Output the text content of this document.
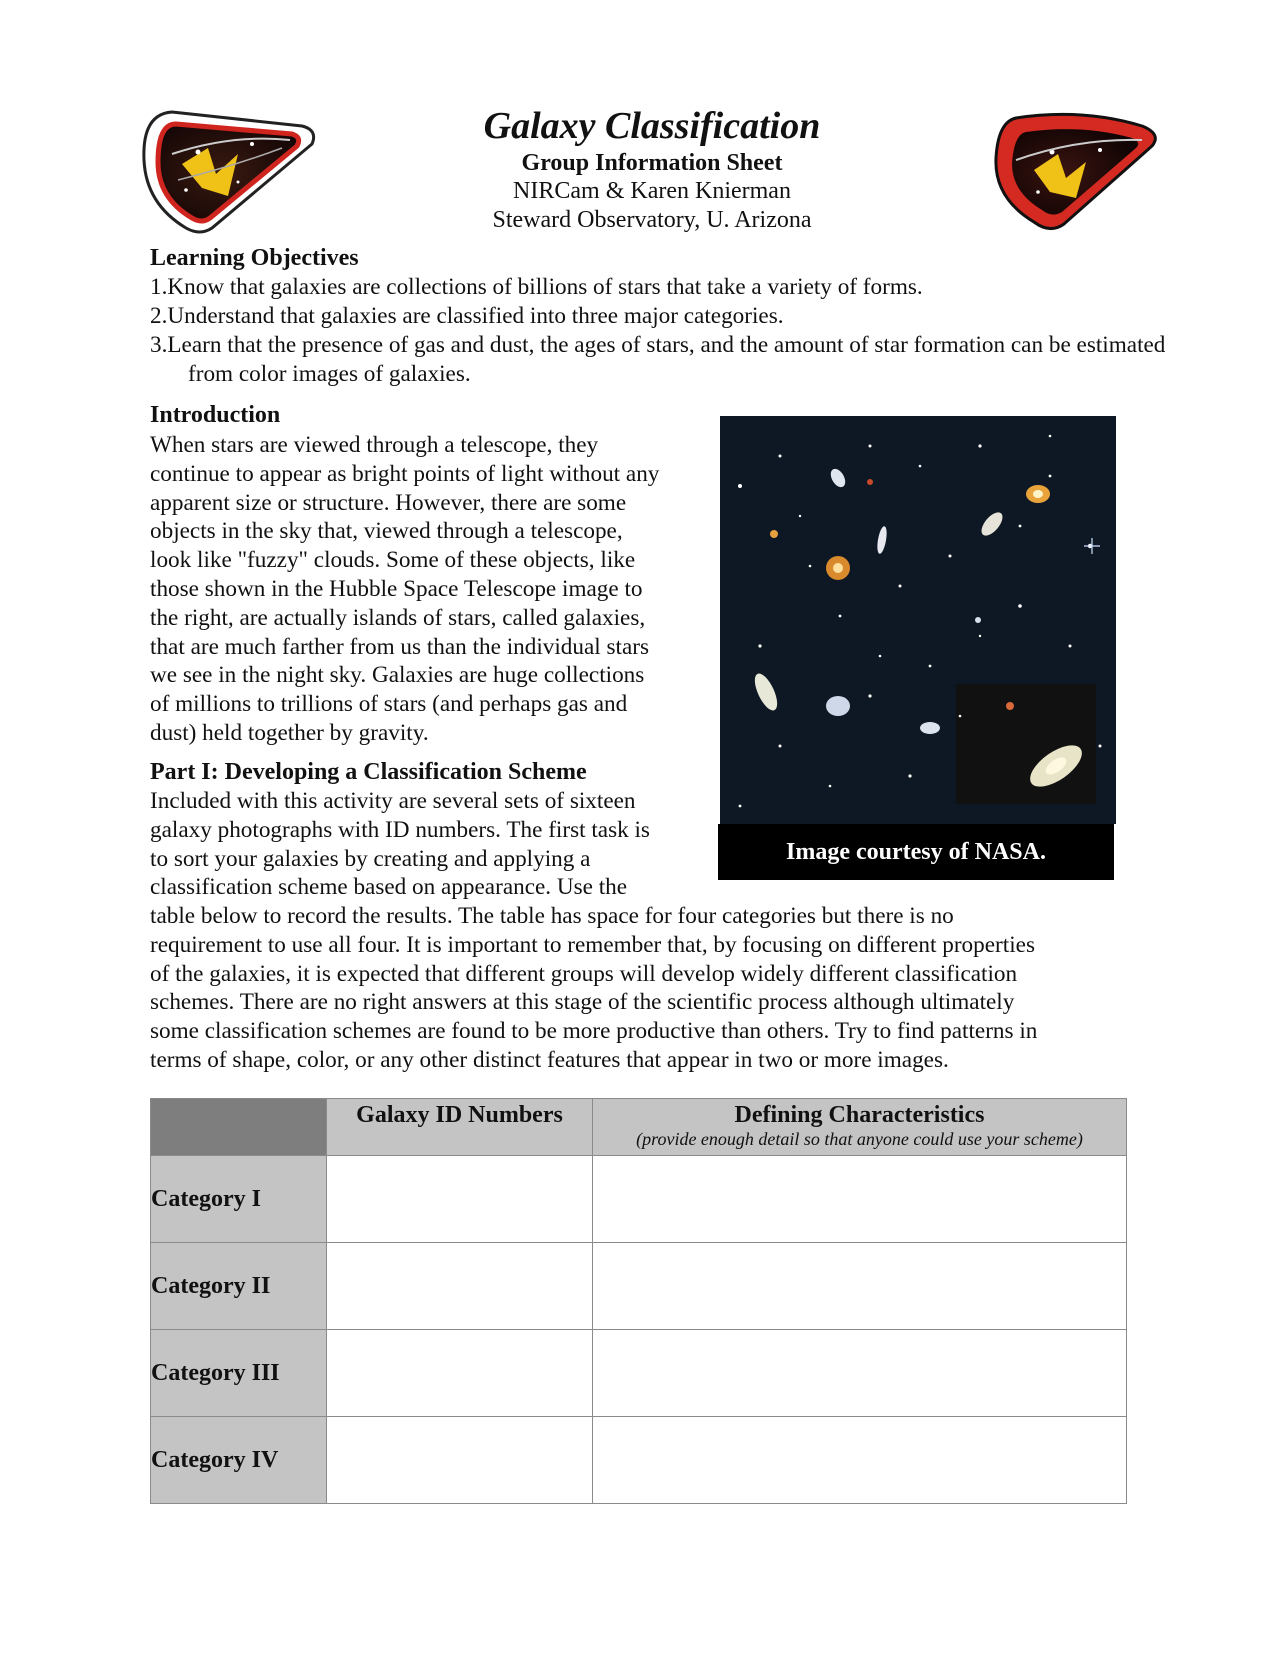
Galaxy Classification
Group Information Sheet
NIRCam & Karen Knierman
Steward Observatory, U. Arizona
Learning Objectives
1.Know that galaxies are collections of billions of stars that take a variety of forms.
2.Understand that galaxies are classified into three major categories.
3.Learn that the presence of gas and dust, the ages of stars, and the amount of star formation can be estimated from color images of galaxies.
Introduction
When stars are viewed through a telescope, they
continue to appear as bright points of light without any
apparent size or structure. However, there are some
objects in the sky that, viewed through a telescope,
look like "fuzzy" clouds. Some of these objects, like
those shown in the Hubble Space Telescope image to
the right, are actually islands of stars, called galaxies,
that are much farther from us than the individual stars
we see in the night sky. Galaxies are huge collections
of millions to trillions of stars (and perhaps gas and
dust) held together by gravity.
Image courtesy of NASA.
Part I: Developing a Classification Scheme
Included with this activity are several sets of sixteen
galaxy photographs with ID numbers. The first task is
to sort your galaxies by creating and applying a
classification scheme based on appearance. Use the
table below to record the results. The table has space for four categories but there is no
requirement to use all four. It is important to remember that, by focusing on different properties
of the galaxies, it is expected that different groups will develop widely different classification
schemes. There are no right answers at this stage of the scientific process although ultimately
some classification schemes are found to be more productive than others. Try to find patterns in
terms of shape, color, or any other distinct features that appear in two or more images.
	Galaxy ID Numbers	Defining Characteristics
(provide enough detail so that anyone could use your scheme)

Category I		
Category II		
Category III		
Category IV		
